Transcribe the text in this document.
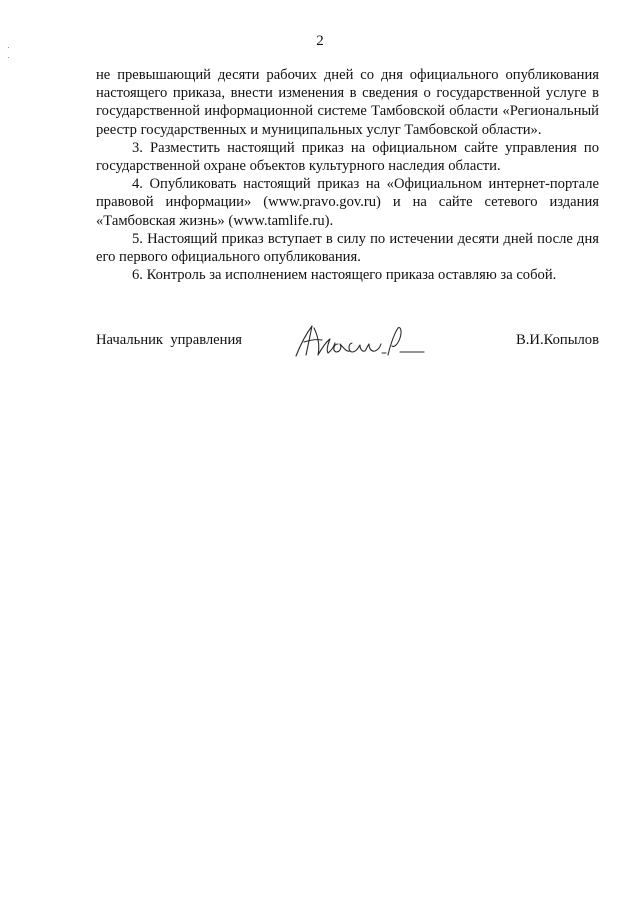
2

не превышающий десяти рабочих дней со дня официального опубликования настоящего приказа, внести изменения в сведения о государственной услуге в государственной информационной системе Тамбовской области «Региональный реестр государственных и муниципальных услуг Тамбовской области».

3. Разместить настоящий приказ на официальном сайте управления по государственной охране объектов культурного наследия области.

4. Опубликовать настоящий приказ на «Официальном интернет-портале правовой информации» (www.pravo.gov.ru) и на сайте сетевого издания «Тамбовская жизнь» (www.tamlife.ru).

5. Настоящий приказ вступает в силу по истечении десяти дней после дня его первого официального опубликования.

6. Контроль за исполнением настоящего приказа оставляю за собой.

Начальник  управления	В.И.Копылов
